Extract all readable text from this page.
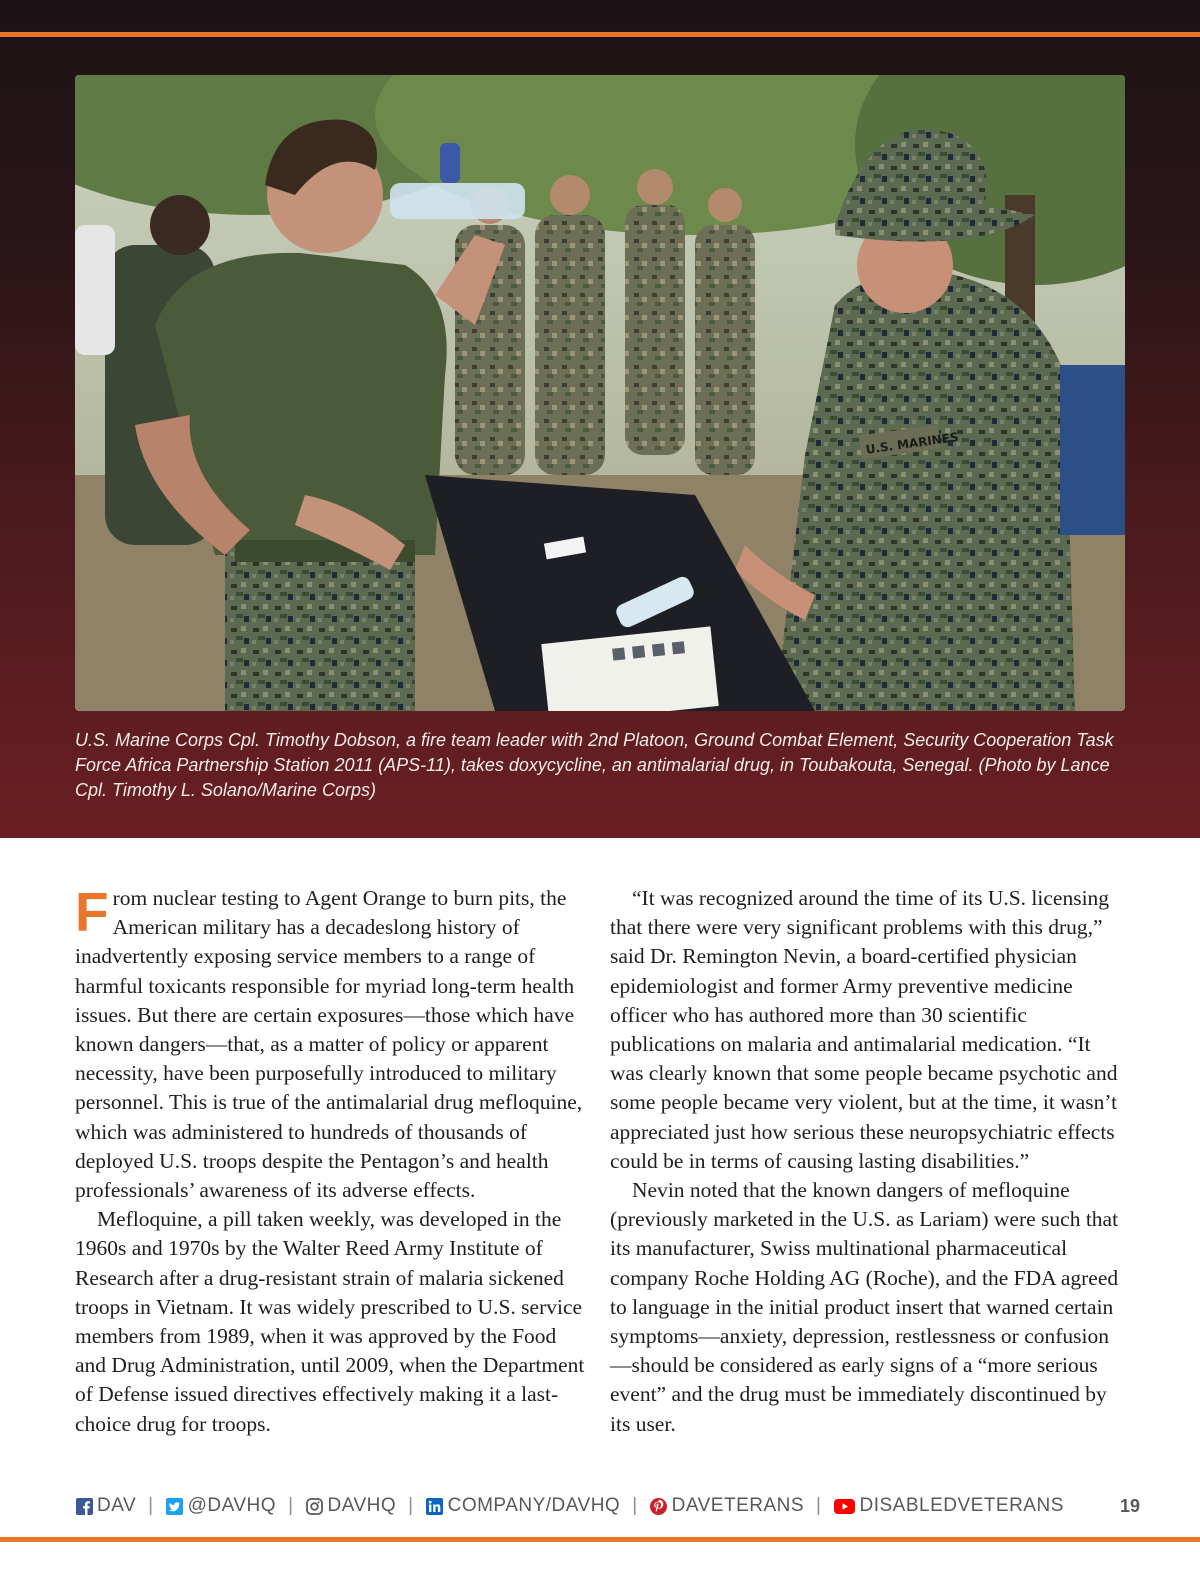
U.S. MARINES
U.S. Marine Corps Cpl. Timothy Dobson, a fire team leader with 2nd Platoon, Ground Combat Element, Security Cooperation Task Force Africa Partnership Station 2011 (APS-11), takes doxycycline, an antimalarial drug, in Toubakouta, Senegal. (Photo by Lance Cpl. Timothy L. Solano/Marine Corps)

From nuclear testing to Agent Orange to burn pits, the American military has a decadeslong history of inadvertently exposing service members to a range of harmful toxicants responsible for myriad long-term health issues. But there are certain exposures—those which have known dangers—that, as a matter of policy or apparent necessity, have been purposefully introduced to military personnel. This is true of the antimalarial drug mefloquine, which was administered to hundreds of thousands of deployed U.S. troops despite the Pentagon’s and health professionals’ awareness of its adverse effects.

Mefloquine, a pill taken weekly, was developed in the 1960s and 1970s by the Walter Reed Army Institute of Research after a drug-resistant strain of malaria sickened troops in Vietnam. It was widely prescribed to U.S. service members from 1989, when it was approved by the Food and Drug Administration, until 2009, when the Department of Defense issued directives effectively making it a last-choice drug for troops.

“It was recognized around the time of its U.S. licensing that there were very significant problems with this drug,” said Dr. Remington Nevin, a board-certified physician epidemiologist and former Army preventive medicine officer who has authored more than 30 scientific publications on malaria and antimalarial medication. “It was clearly known that some people became psychotic and some people became very violent, but at the time, it wasn’t appreciated just how serious these neuropsychiatric effects could be in terms of causing lasting disabilities.”

Nevin noted that the known dangers of mefloquine (previously marketed in the U.S. as Lariam) were such that its manufacturer, Swiss multinational pharmaceutical company Roche Holding AG (Roche), and the FDA agreed to language in the initial product insert that warned certain symptoms—anxiety, depression, restlessness or confusion—should be considered as early signs of a “more serious event” and the drug must be immediately discontinued by its user.

DAV | @DAVHQ | DAVHQ | COMPANY/DAVHQ | DAVETERANS | DISABLEDVETERANS	19
